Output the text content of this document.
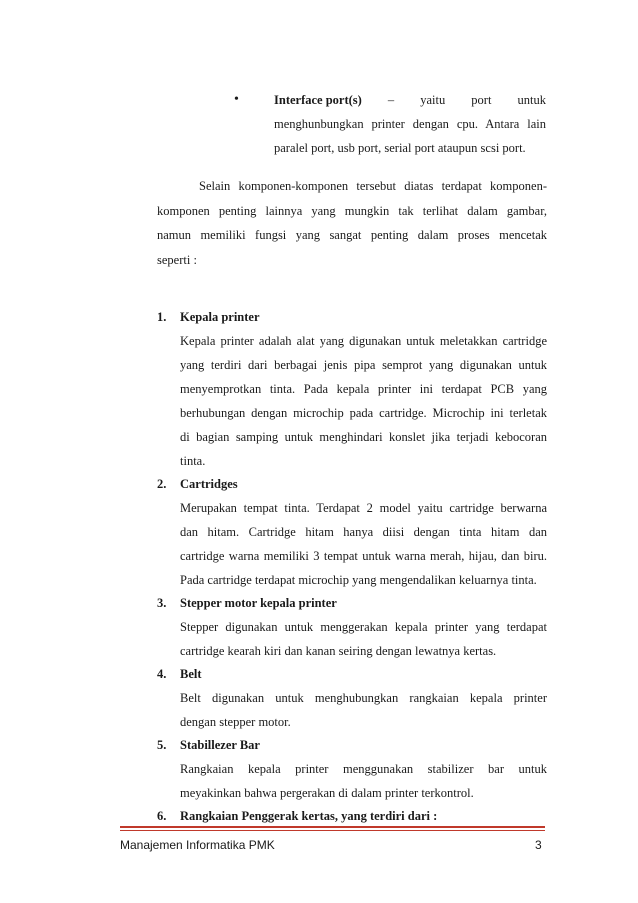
•	Interface port(s) – yaitu port untuk
menghunbungkan printer dengan cpu. Antara lain
paralel port, usb port, serial port ataupun scsi port.
Selain komponen-komponen tersebut diatas terdapat komponen-
komponen penting lainnya yang mungkin tak terlihat dalam gambar,
namun memiliki fungsi yang sangat penting dalam proses mencetak
seperti :
1. Kepala printer
Kepala printer adalah alat yang digunakan untuk meletakkan cartridge
yang terdiri dari berbagai jenis pipa semprot yang digunakan untuk
menyemprotkan tinta. Pada kepala printer ini terdapat PCB yang
berhubungan dengan microchip pada cartridge. Microchip ini terletak
di bagian samping untuk menghindari konslet jika terjadi kebocoran
tinta.
2. Cartridges
Merupakan tempat tinta. Terdapat 2 model yaitu cartridge berwarna
dan hitam. Cartridge hitam hanya diisi dengan tinta hitam dan
cartridge warna memiliki 3 tempat untuk warna merah, hijau, dan biru.
Pada cartridge terdapat microchip yang mengendalikan keluarnya tinta.
3. Stepper motor kepala printer
Stepper digunakan untuk menggerakan kepala printer yang terdapat
cartridge kearah kiri dan kanan seiring dengan lewatnya kertas.
4. Belt
Belt digunakan untuk menghubungkan rangkaian kepala printer
dengan stepper motor.
5. Stabillezer Bar
Rangkaian kepala printer menggunakan stabilizer bar untuk
meyakinkan bahwa pergerakan di dalam printer terkontrol.
6. Rangkaian Penggerak kertas, yang terdiri dari :
Manajemen Informatika PMK	3
